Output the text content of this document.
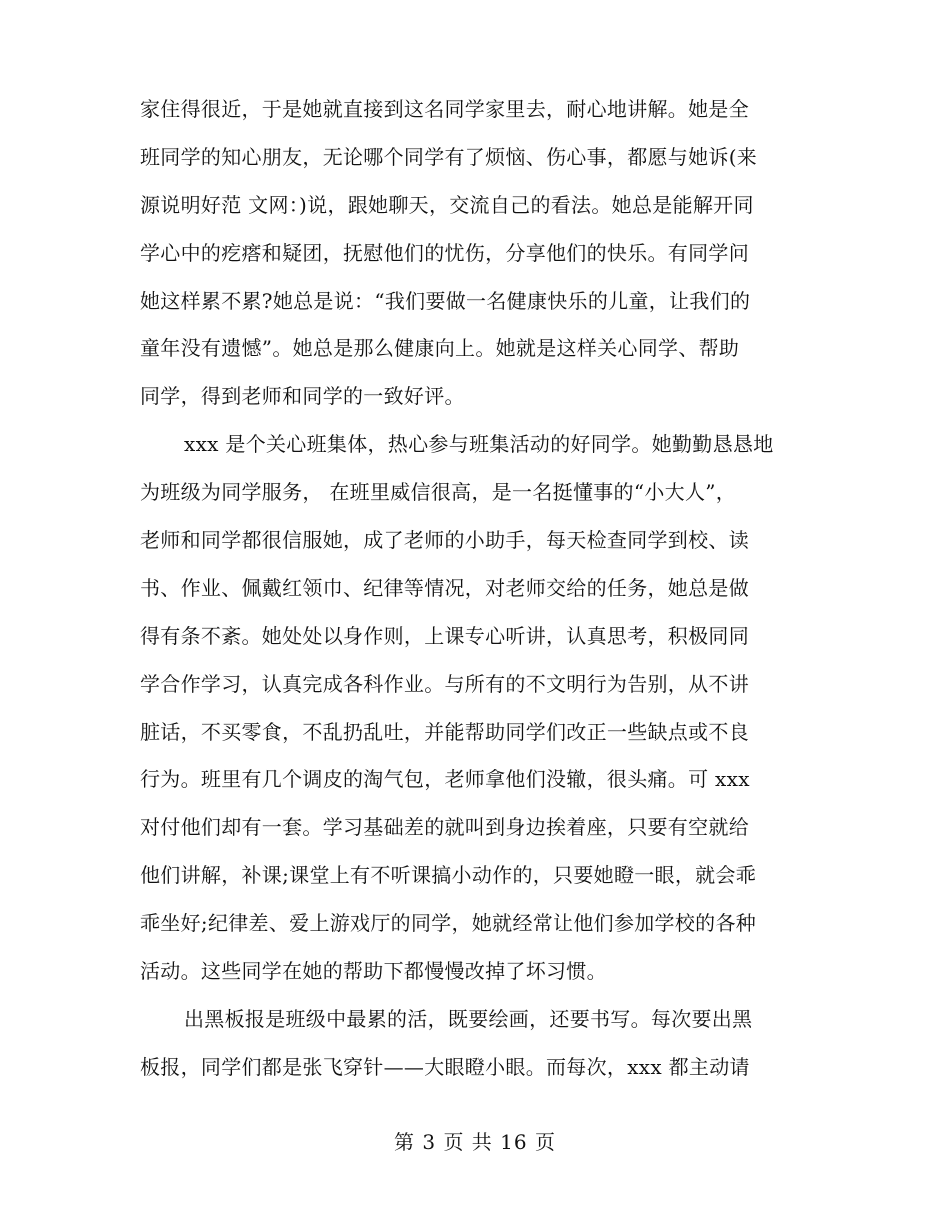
家住得很近，于是她就直接到这名同学家里去，耐心地讲解。她是全
班同学的知心朋友，无论哪个同学有了烦恼、伤心事，都愿与她诉(来
源说明好范 文网：)说，跟她聊天，交流自己的看法。她总是能解开同
学心中的疙瘩和疑团，抚慰他们的忧伤，分享他们的快乐。有同学问
她这样累不累?她总是说：“我们要做一名健康快乐的儿童，让我们的
童年没有遗憾”。她总是那么健康向上。她就是这样关心同学、帮助
同学，得到老师和同学的一致好评。
xxx 是个关心班集体，热心参与班集活动的好同学。她勤勤恳恳地
为班级为同学服务， 在班里威信很高，是一名挺懂事的“小大人”，
老师和同学都很信服她，成了老师的小助手，每天检查同学到校、读
书、作业、佩戴红领巾、纪律等情况，对老师交给的任务，她总是做
得有条不紊。她处处以身作则，上课专心听讲，认真思考，积极同同
学合作学习，认真完成各科作业。与所有的不文明行为告别，从不讲
脏话，不买零食，不乱扔乱吐，并能帮助同学们改正一些缺点或不良
行为。班里有几个调皮的淘气包，老师拿他们没辙，很头痛。可 xxx
对付他们却有一套。学习基础差的就叫到身边挨着座，只要有空就给
他们讲解，补课;课堂上有不听课搞小动作的，只要她瞪一眼，就会乖
乖坐好;纪律差、爱上游戏厅的同学，她就经常让他们参加学校的各种
活动。这些同学在她的帮助下都慢慢改掉了坏习惯。
出黑板报是班级中最累的活，既要绘画，还要书写。每次要出黑
板报，同学们都是张飞穿针——大眼瞪小眼。而每次，xxx 都主动请
第 3 页 共 16 页
